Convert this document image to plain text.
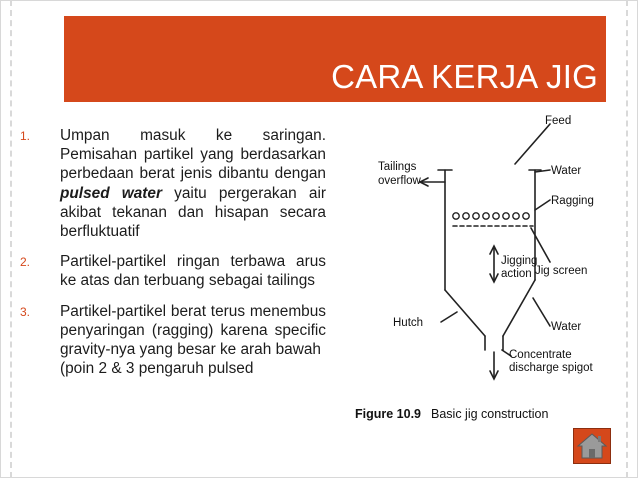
CARA KERJA JIG
1. Umpan masuk ke saringan. Pemisahan partikel yang berdasarkan perbedaan berat jenis dibantu dengan pulsed water yaitu pergerakan air akibat tekanan dan hisapan secara berfluktuatif
2. Partikel-partikel ringan terbawa arus ke atas dan terbuang sebagai tailings
3. Partikel-partikel berat terus menembus penyaringan (ragging) karena specific gravity-nya yang besar ke arah bawah
(poin 2 & 3 pengaruh pulsed
Feed
Tailings
overflow
Water
Ragging
Jigging
action Jig screen
Hutch	Water
Concentrate
discharge spigot
Figure 10.9 Basic jig construction
